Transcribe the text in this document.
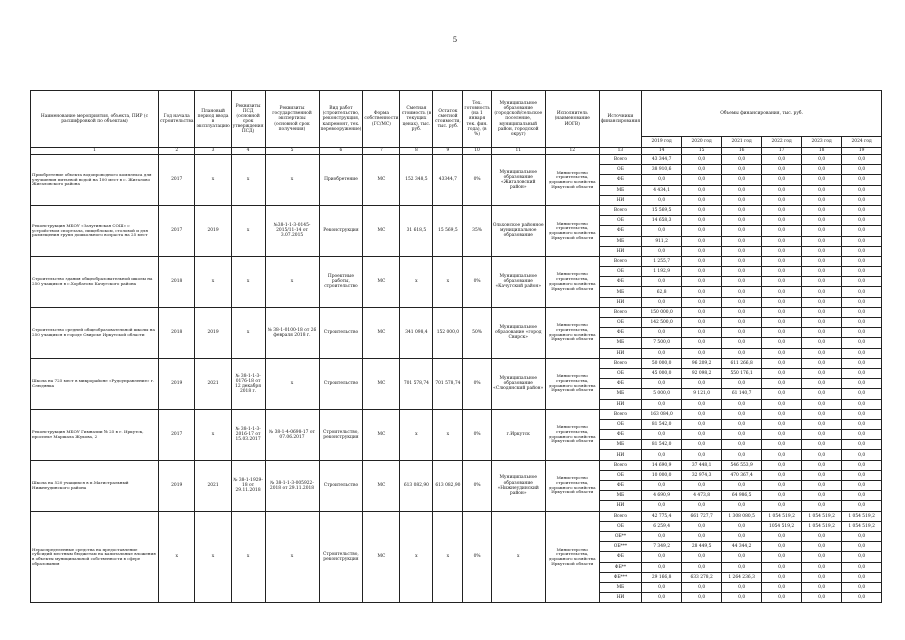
5
Наименование мероприятия, объекта, ПИР (с расшифровкой по объектам)	Год начала строительства	Плановый период ввода в эксплуатацию	Реквизиты ПСД (основной срок утверждения ПСД)	Реквизиты государственной экспертизы (основной срок получения)	Вид работ (строительство, реконструкция, капремонт, тех. перевооружение)	Форма собственности (ГС/МС)	Сметная стоимость (в текущих ценах), тыс. руб.	Остаток сметной стоимости, тыс. руб.	Тех. готовность (на 1 января тек. фин. года), (в %)	Муниципальное образование (городской/сельское поселение, муниципальный район, городской округ)	Исполнитель (наименование ИОГВ)	Источники финансирования	Объемы финансирования, тыс. руб.					
													2019 год	2020 год	2021 год	2022 год	2023 год	2024 год
1	2	3	4	5	6	7	8	9	10	11	12	13	14	15	16	17	18	19
Приобретение объекта водопроводного комплекса для улучшения питьевой водой на 100 мест в с. Жигалово Жигаловского района	2017	x	x	x	Приобретение	МС	152 348,5	43344,7	0%	Муниципальное образование «Жигаловский район»	Министерство строительства, дорожного хозяйства Иркутской области	Всего	43 344,7	0,0	0,0	0,0	0,0	0,0
												ОБ	38 910,6	0,0	0,0	0,0	0,0	0,0
												ФБ	0,0	0,0	0,0	0,0	0,0	0,0
												МБ	4 434,1	0,0	0,0	0,0	0,0	0,0
												НИ	0,0	0,0	0,0	0,0	0,0	0,0
Реконструкция МБОУ «Залугинская СОШ» с устройством спортзала, пищеблоком, столовой и для размещения групп дошкольного возраста на 25 мест	2017	2019	x	№38-1-1-3-0145-2015/11-14 от 3.07.2015	Реконструкция	МС	31 618,5	15 569,5	35%	Ольхонское районное муниципальное образование	Министерство строительства, дорожного хозяйства Иркутской области	Всего	15 569,5	0,0	0,0	0,0	0,0	0,0
												ОБ	14 658,3	0,0	0,0	0,0	0,0	0,0
												ФБ	0,0	0,0	0,0	0,0	0,0	0,0
												МБ	911,2	0,0	0,0	0,0	0,0	0,0
												НИ	0,0	0,0	0,0	0,0	0,0	0,0
Строительство здания общеобразовательной школы на 250 учащихся в с.Хорбатово Качугского района	2018	x	x	x	Проектные работы, строительство	МС	x	x	0%	Муниципальное образование «Качугский район»	Министерство строительства, дорожного хозяйства Иркутской области	Всего	1 255,7	0,0	0,0	0,0	0,0	0,0
												ОБ	1 192,9	0,0	0,0	0,0	0,0	0,0
												ФБ	0,0	0,0	0,0	0,0	0,0	0,0
												МБ	62,8	0,0	0,0	0,0	0,0	0,0
												НИ	0,0	0,0	0,0	0,0	0,0	0,0
Строительство средней общеобразовательной школы на 250 учащихся в городе Свирске Иркутской области	2018	2019	x	№ 38-1-0100-18 от 26 февраля 2018 г.	Строительство	МС	341 098,4	152 000,0	50%	Муниципальное образование «город Свирск»	Министерство строительства, дорожного хозяйства Иркутской области	Всего	150 000,0	0,0	0,0	0,0	0,0	0,0
												ОБ	142 500,0	0,0	0,0	0,0	0,0	0,0
												ФБ	0,0	0,0	0,0	0,0	0,0	0,0
												МБ	7 500,0	0,0	0,0	0,0	0,0	0,0
												НИ	0,0	0,0	0,0	0,0	0,0	0,0
Школа на 725 мест в микрорайоне «Рудоуправление» г. Слюдянка	2019	2021	№ 38-1-1-3-0176-18 от 12 декабря 2018 г.	x	Строительство	МС	701 578,74	701 578,74	0%	Муниципальное образование «Слюдянский район»	Министерство строительства, дорожного хозяйства Иркутской области	Всего	50 000,0	96 209,2	611 266,8	0,0	0,0	0,0
												ОБ	45 000,0	92 098,2	550 176,1	0,0	0,0	0,0
												ФБ	0,0	0,0	0,0	0,0	0,0	0,0
												МБ	5 000,0	9 121,0	61 140,7	0,0	0,0	0,0
												НИ	0,0	0,0	0,0	0,0	0,0	0,0
Реконструкция МБОУ Гимназии № 25 в г. Иркутск, проспект Маршала Жукова, 2	2017	x	№ 38-1-1-3-2016-17 от 15.03.2017	№ 38-1-4-0698-17 от 07.06.2017	Строительство, реконструкция	МС	x	x	0%	г.Иркутск	Министерство строительства, дорожного хозяйства Иркутской области	Всего	163 084,0	0,0	0,0	0,0	0,0	0,0
												ОБ	81 542,0	0,0	0,0	0,0	0,0	0,0
												ФБ	0,0	0,0	0,0	0,0	0,0	0,0
												МБ	81 542,0	0,0	0,0	0,0	0,0	0,0
												НИ	0,0	0,0	0,0	0,0	0,0	0,0
Школа на 520 учащихся в п.Магистральный Нижнеудинского района	2019	2021	№ 38-1-1929-18 от 29.11.2018	№ 38-1-1-3-005922-2018 от 29.11.2018	Строительство	МС	613 082,90	613 082,90	0%	Муниципальное образование «Нижнеудинский район»	Министерство строительства, дорожного хозяйства Иркутской области	Всего	14 690,9	37 448,1	546 553,9	0,0	0,0	0,0
												ОБ	10 000,0	32 974,3	470 367,4	0,0	0,0	0,0
												ФБ	0,0	0,0	0,0	0,0	0,0	0,0
												МБ	4 690,9	4 473,8	64 986,5	0,0	0,0	0,0
												НИ	0,0	0,0	0,0	0,0	0,0	0,0
Нераспределенные средства на предоставление субсидий местным бюджетам на капитальные вложения в объекты муниципальной собственности в сфере образования	x	x	x	x	Строительство, реконструкция	МС	x	x	0%	x	Министерство строительства, дорожного хозяйства Иркутской области	Всего	42 775,4	661 727,7	1 308 080,5	1 054 519,2	1 054 519,2	1 054 519,2
												ОБ	6 259,4	0,0	0,0	1054 519,2	1 054 519,2	1 054 519,2
												ОБ**	0,0	0,0	0,0	0,0	0,0	0,0
												ОБ***	7 349,2	28 449,5	44 344,2	0,0	0,0	0,0
												ФБ	0,0	0,0	0,0	0,0	0,0	0,0
												ФБ**	0,0	0,0	0,0	0,0	0,0	0,0
												ФБ***	29 166,8	633 278,2	1 264 236,3	0,0	0,0	0,0
												МБ	0,0	0,0	0,0	0,0	0,0	0,0
												НИ	0,0	0,0	0,0	0,0	0,0	0,0
